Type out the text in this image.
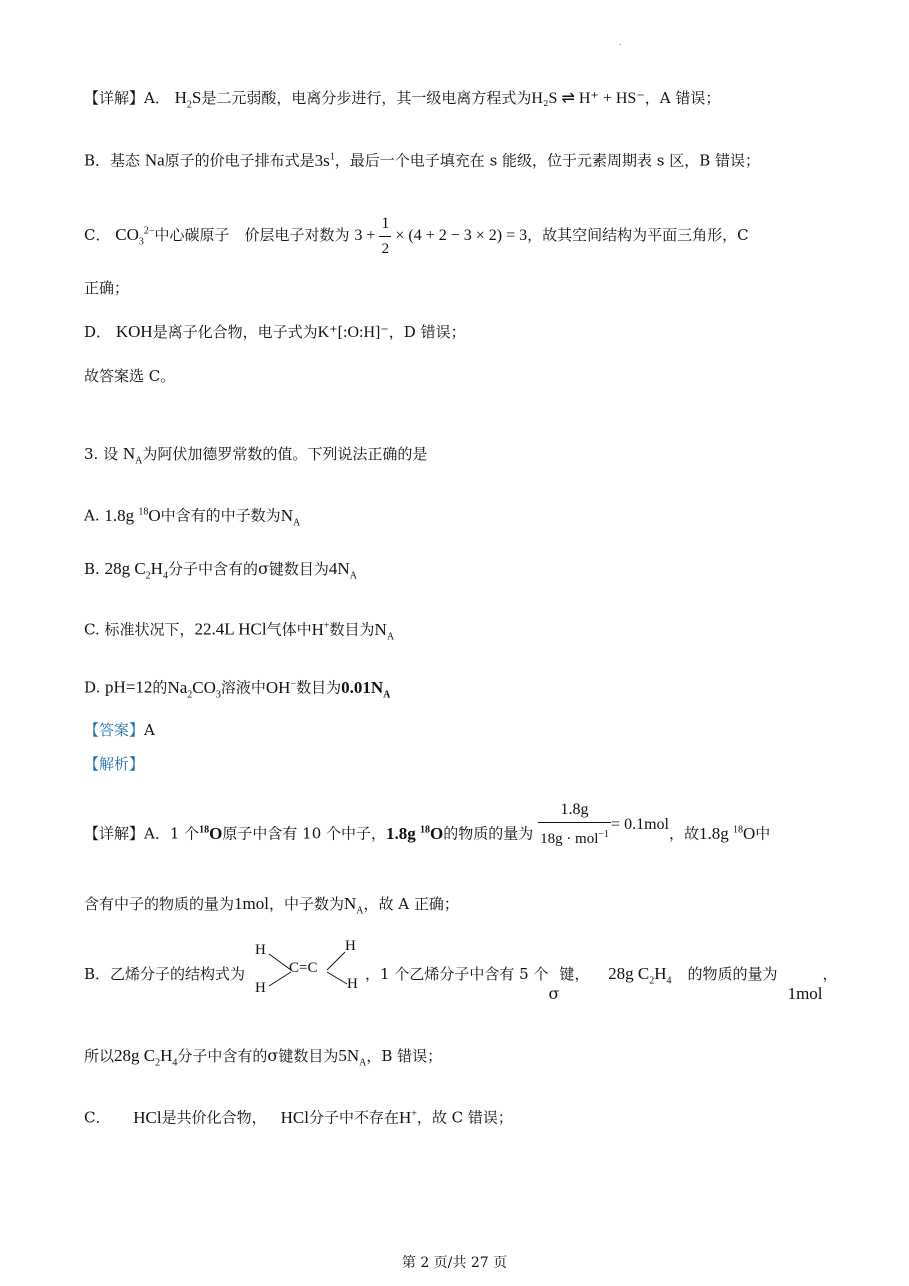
.
【详解】A． $H_2S$是二元弱酸，电离分步进行，其一级电离方程式为H₂S ⇌ H⁺ + HS⁻，A 错误；
B．基态 Na原子的价电子排布式是$3s^1$，最后一个电子填充在 s 能级，位于元素周期表 s 区，B 错误；
C． $CO_3^{2-}$中心碳原子　价层电子对数为 $3 + \frac{1}{2} \times (4 + 2 - 3 \times 2) = 3$，故其空间结构为平面三角形，C
正确；
D． KOH是离子化合物，电子式为K⁺[:O:H]⁻，D 错误；
故答案选 C。
3. 设 $N_A$为阿伏加德罗常数的值。下列说法正确的是
A. 1.8g $^{18}$O中含有的中子数为$N_A$
B. 28g $C_2H_4$分子中含有的σ键数目为$4N_A$
C. 标准状况下，22.4L HCl气体中H+数目为$N_A$
D. pH=12的$Na_2CO_3$溶液中OH−数目为$0.01N_A$
【答案】A
【解析】
【详解】A．1 个$^{18}$O原子中含有 10 个中子，1.8g $^{18}$O的物质的量为 $\frac{1.8g}{18g \cdot mol^{-1}} = 0.1mol$，故1.8g $^{18}$O中
含有中子的物质的量为1mol，中子数为$N_A$，故 A 正确；
H
H
C=C
H
H
B．乙烯分子的结构式为	，1 个乙烯分子中含有 5 个σ键， 28g $C_2H_4$ 的物质的量为1mol，
所以28g $C_2H_4$分子中含有的σ键数目为$5N_A$，B 错误；
C． HCl是共价化合物， HCl分子中不存在H+，故 C 错误；
第 2 页/共 27 页
